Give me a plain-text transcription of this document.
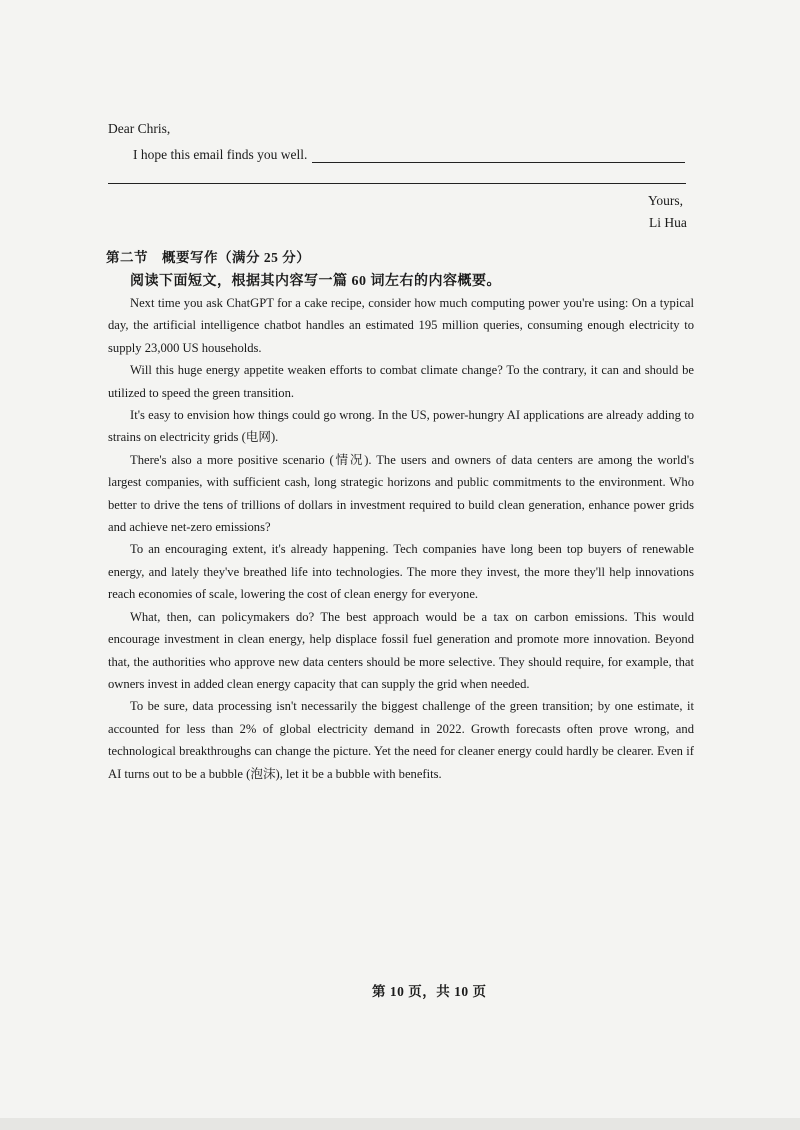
Dear Chris,
I hope this email finds you well.
Yours,
Li Hua
第二节　概要写作（满分 25 分）
阅读下面短文，根据其内容写一篇 60 词左右的内容概要。

Next time you ask ChatGPT for a cake recipe, consider how much computing power you're using: On a typical day, the artificial intelligence chatbot handles an estimated 195 million queries, consuming enough electricity to supply 23,000 US households.

Will this huge energy appetite weaken efforts to combat climate change? To the contrary, it can and should be utilized to speed the green transition.

It's easy to envision how things could go wrong. In the US, power-hungry AI applications are already adding to strains on electricity grids (电网).

There's also a more positive scenario (情况). The users and owners of data centers are among the world's largest companies, with sufficient cash, long strategic horizons and public commitments to the environment. Who better to drive the tens of trillions of dollars in investment required to build clean generation, enhance power grids and achieve net-zero emissions?

To an encouraging extent, it's already happening. Tech companies have long been top buyers of renewable energy, and lately they've breathed life into technologies. The more they invest, the more they'll help innovations reach economies of scale, lowering the cost of clean energy for everyone.

What, then, can policymakers do? The best approach would be a tax on carbon emissions. This would encourage investment in clean energy, help displace fossil fuel generation and promote more innovation. Beyond that, the authorities who approve new data centers should be more selective. They should require, for example, that owners invest in added clean energy capacity that can supply the grid when needed.

To be sure, data processing isn't necessarily the biggest challenge of the green transition; by one estimate, it accounted for less than 2% of global electricity demand in 2022. Growth forecasts often prove wrong, and technological breakthroughs can change the picture. Yet the need for cleaner energy could hardly be clearer. Even if AI turns out to be a bubble (泡沫), let it be a bubble with benefits.

第 10 页，共 10 页
